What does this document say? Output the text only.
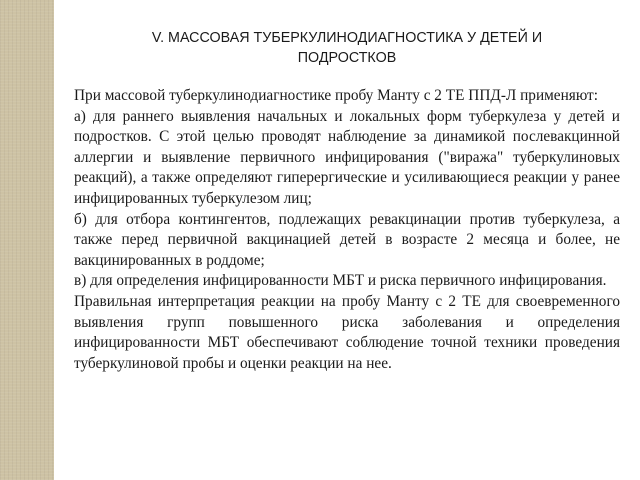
V. МАССОВАЯ ТУБЕРКУЛИНОДИАГНОСТИКА У ДЕТЕЙ И ПОДРОСТКОВ

При массовой туберкулинодиагностике пробу Манту с 2 ТЕ ППД-Л применяют:

а) для раннего выявления начальных и локальных форм туберкулеза у детей и подростков. С этой целью проводят наблюдение за динамикой послевакцинной аллергии и выявление первичного инфицирования ("виража" туберкулиновых реакций), а также определяют гиперергические и усиливающиеся реакции у ранее инфицированных туберкулезом лиц;

б) для отбора контингентов, подлежащих ревакцинации против туберкулеза, а также перед первичной вакцинацией детей в возрасте 2 месяца и более, не вакцинированных в роддоме;

в) для определения инфицированности МБТ и риска первичного инфицирования.

Правильная интерпретация реакции на пробу Манту с 2 ТЕ для своевременного выявления групп повышенного риска заболевания и определения инфицированности МБТ обеспечивают соблюдение точной техники проведения туберкулиновой пробы и оценки реакции на нее.
